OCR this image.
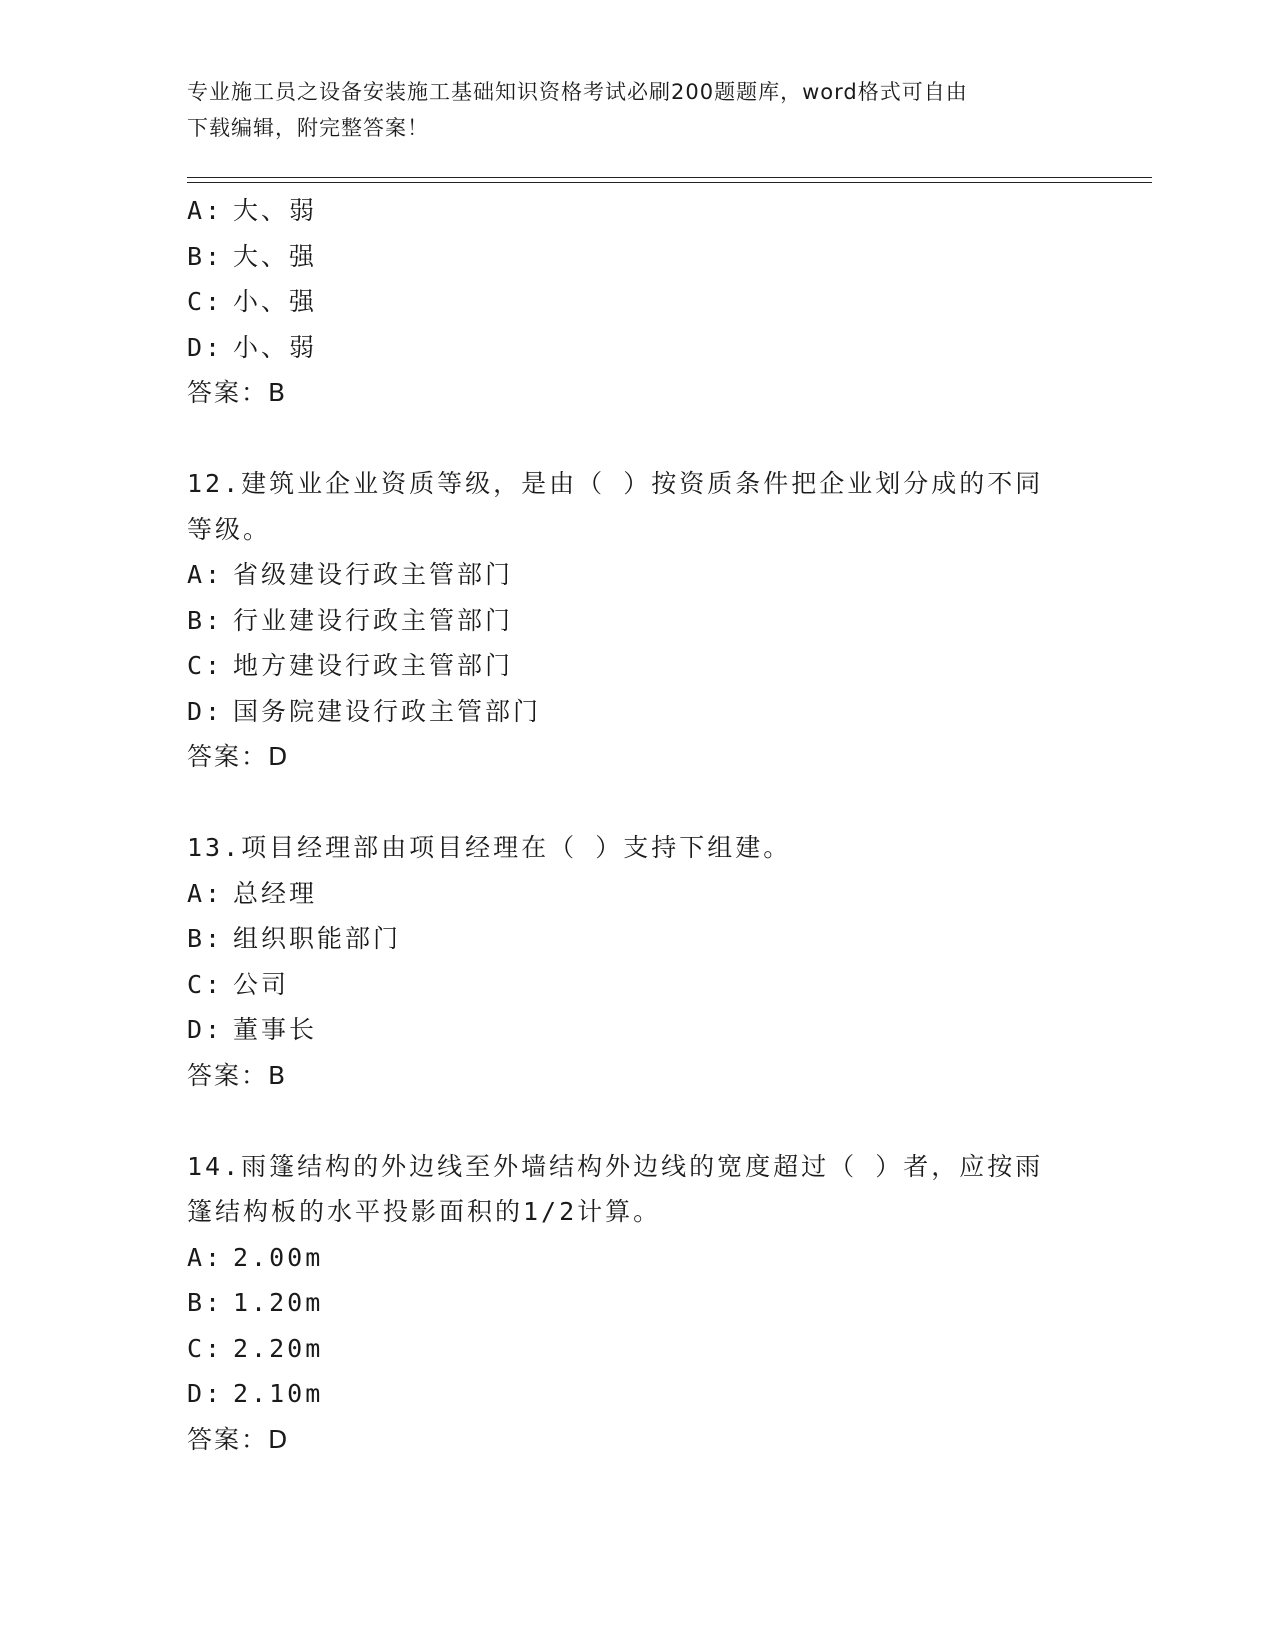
专业施工员之设备安装施工基础知识资格考试必刷200题题库，word格式可自由
下载编辑，附完整答案！
A: 大、弱
B: 大、强
C: 小、强
D: 小、弱
答案：B
12.建筑业企业资质等级，是由（ ）按资质条件把企业划分成的不同
等级。
A: 省级建设行政主管部门
B: 行业建设行政主管部门
C: 地方建设行政主管部门
D: 国务院建设行政主管部门
答案：D
13.项目经理部由项目经理在（ ）支持下组建。
A: 总经理
B: 组织职能部门
C: 公司
D: 董事长
答案：B
14.雨篷结构的外边线至外墙结构外边线的宽度超过（ ）者，应按雨
篷结构板的水平投影面积的1/2计算。
A: 2.00m
B: 1.20m
C: 2.20m
D: 2.10m
答案：D
